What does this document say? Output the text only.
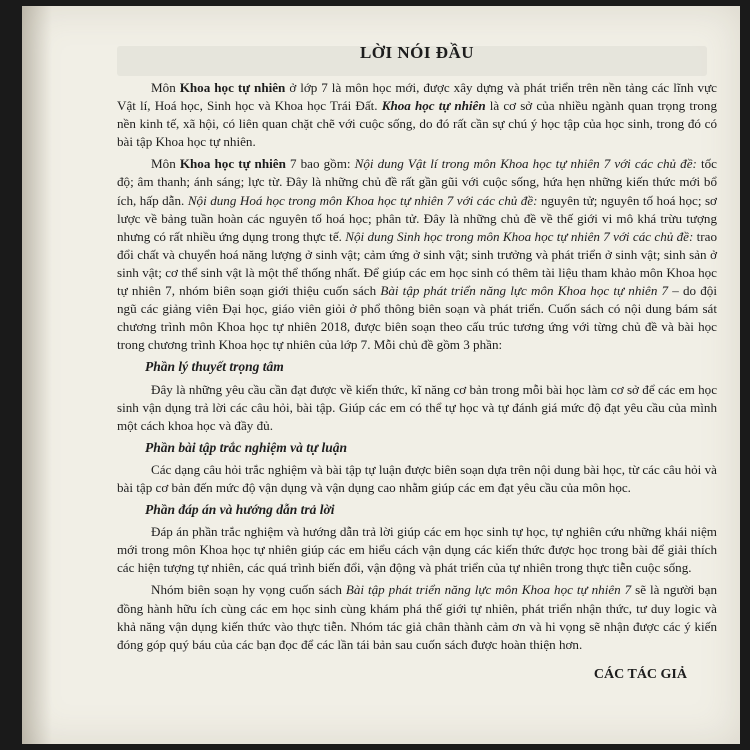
LỜI NÓI ĐẦU

Môn Khoa học tự nhiên ở lớp 7 là môn học mới, được xây dựng và phát triển trên nền tảng các lĩnh vực Vật lí, Hoá học, Sinh học và Khoa học Trái Đất. Khoa học tự nhiên là cơ sở của nhiều ngành quan trọng trong nền kinh tế, xã hội, có liên quan chặt chẽ với cuộc sống, do đó rất cần sự chú ý học tập của học sinh, trong đó có bài tập Khoa học tự nhiên.

Môn Khoa học tự nhiên 7 bao gồm: Nội dung Vật lí trong môn Khoa học tự nhiên 7 với các chủ đề: tốc độ; âm thanh; ánh sáng; lực từ. Đây là những chủ đề rất gần gũi với cuộc sống, hứa hẹn những kiến thức mới bổ ích, hấp dẫn. Nội dung Hoá học trong môn Khoa học tự nhiên 7 với các chủ đề: nguyên tử; nguyên tố hoá học; sơ lược về bảng tuần hoàn các nguyên tố hoá học; phân tử. Đây là những chủ đề về thế giới vi mô khá trừu tượng nhưng có rất nhiều ứng dụng trong thực tế. Nội dung Sinh học trong môn Khoa học tự nhiên 7 với các chủ đề: trao đổi chất và chuyển hoá năng lượng ở sinh vật; cảm ứng ở sinh vật; sinh trưởng và phát triển ở sinh vật; sinh sản ở sinh vật; cơ thể sinh vật là một thể thống nhất. Để giúp các em học sinh có thêm tài liệu tham khảo môn Khoa học tự nhiên 7, nhóm biên soạn giới thiệu cuốn sách Bài tập phát triển năng lực môn Khoa học tự nhiên 7 – do đội ngũ các giảng viên Đại học, giáo viên giỏi ở phổ thông biên soạn và phát triển. Cuốn sách có nội dung bám sát chương trình môn Khoa học tự nhiên 2018, được biên soạn theo cấu trúc tương ứng với từng chủ đề và bài học trong chương trình Khoa học tự nhiên của lớp 7. Mỗi chủ đề gồm 3 phần:

Phần lý thuyết trọng tâm

Đây là những yêu cầu cần đạt được về kiến thức, kĩ năng cơ bản trong mỗi bài học làm cơ sở để các em học sinh vận dụng trả lời các câu hỏi, bài tập. Giúp các em có thể tự học và tự đánh giá mức độ đạt yêu cầu của mình một cách khoa học và đầy đủ.

Phần bài tập trắc nghiệm và tự luận

Các dạng câu hỏi trắc nghiệm và bài tập tự luận được biên soạn dựa trên nội dung bài học, từ các câu hỏi và bài tập cơ bản đến mức độ vận dụng và vận dụng cao nhằm giúp các em đạt yêu cầu của môn học.

Phần đáp án và hướng dẫn trả lời

Đáp án phần trắc nghiệm và hướng dẫn trả lời giúp các em học sinh tự học, tự nghiên cứu những khái niệm mới trong môn Khoa học tự nhiên giúp các em hiểu cách vận dụng các kiến thức được học trong bài để giải thích các hiện tượng tự nhiên, các quá trình biến đổi, vận động và phát triển của tự nhiên trong thực tiễn cuộc sống.

Nhóm biên soạn hy vọng cuốn sách Bài tập phát triển năng lực môn Khoa học tự nhiên 7 sẽ là người bạn đồng hành hữu ích cùng các em học sinh cùng khám phá thế giới tự nhiên, phát triển nhận thức, tư duy logic và khả năng vận dụng kiến thức vào thực tiễn. Nhóm tác giả chân thành cảm ơn và hi vọng sẽ nhận được các ý kiến đóng góp quý báu của các bạn đọc để các lần tái bản sau cuốn sách được hoàn thiện hơn.

CÁC TÁC GIẢ
